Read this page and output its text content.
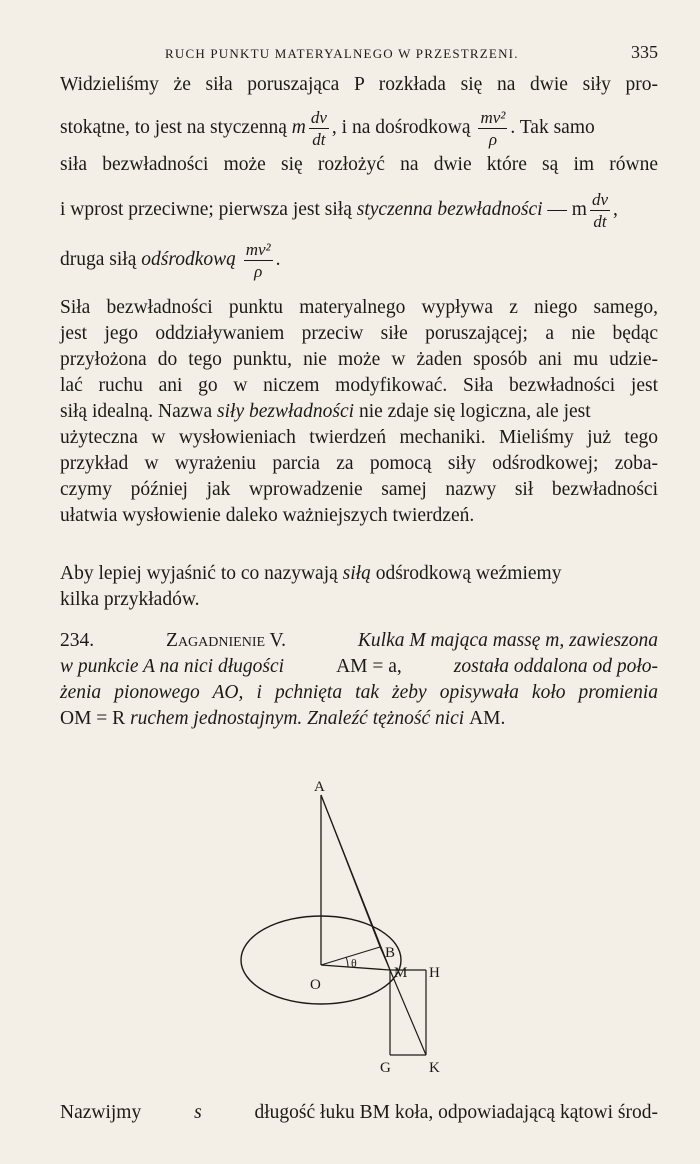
RUCH PUNKTU MATERYALNEGO W PRZESTRZENI.	335
Widzieliśmy że siła poruszająca P rozkłada się na dwie siły pro-
stokątne, to jest na styczenną
m $\frac{dv}{dt}$ , i na dośrodkową
$\frac{\text{mv²}}{\rho}$ . Tak samo
siła bezwładności może się rozłożyć na dwie które są im równe
i wprost przeciwne; pierwsza jest siłą
styczenna bezwładności
— m $\frac{dv}{dt}$ ,
druga siłą
odśrodkową
$\frac{\text{mv²}}{\rho}$ .
Siła bezwładności punktu materyalnego wypływa z niego samego,
jest jego oddziaływaniem przeciw siłe poruszającej; a nie będąc
przyłożona do tego punktu, nie może w żaden sposób ani mu udzie-
lać ruchu ani go w niczem modyfikować. Siła bezwładności jest
siłą idealną. Nazwa siły bezwładności nie zdaje się logiczna, ale jest
użyteczna w wysłowieniach twierdzeń mechaniki. Mieliśmy już tego
przykład w wyrażeniu parcia za pomocą siły odśrodkowej; zoba-
czymy później jak wprowadzenie samej nazwy sił bezwładności
ułatwia wysłowienie daleko ważniejszych twierdzeń.
Aby lepiej wyjaśnić to co nazywają siłą odśrodkową weźmiemy
kilka przykładów.
234.	Zagadnienie V.	Kulka M mająca massę m, zawieszona
w punkcie A na nici długości	AM = a,	została oddalona od poło-
żenia pionowego AO, i pchnięta tak żeby opisywała koło promienia
OM = R
ruchem jednostajnym. Znaleźć tężność nici
AM.
A
B
O
M H
G	K
θ
Nazwijmy	s	długość łuku BM koła, odpowiadającą kątowi środ-
